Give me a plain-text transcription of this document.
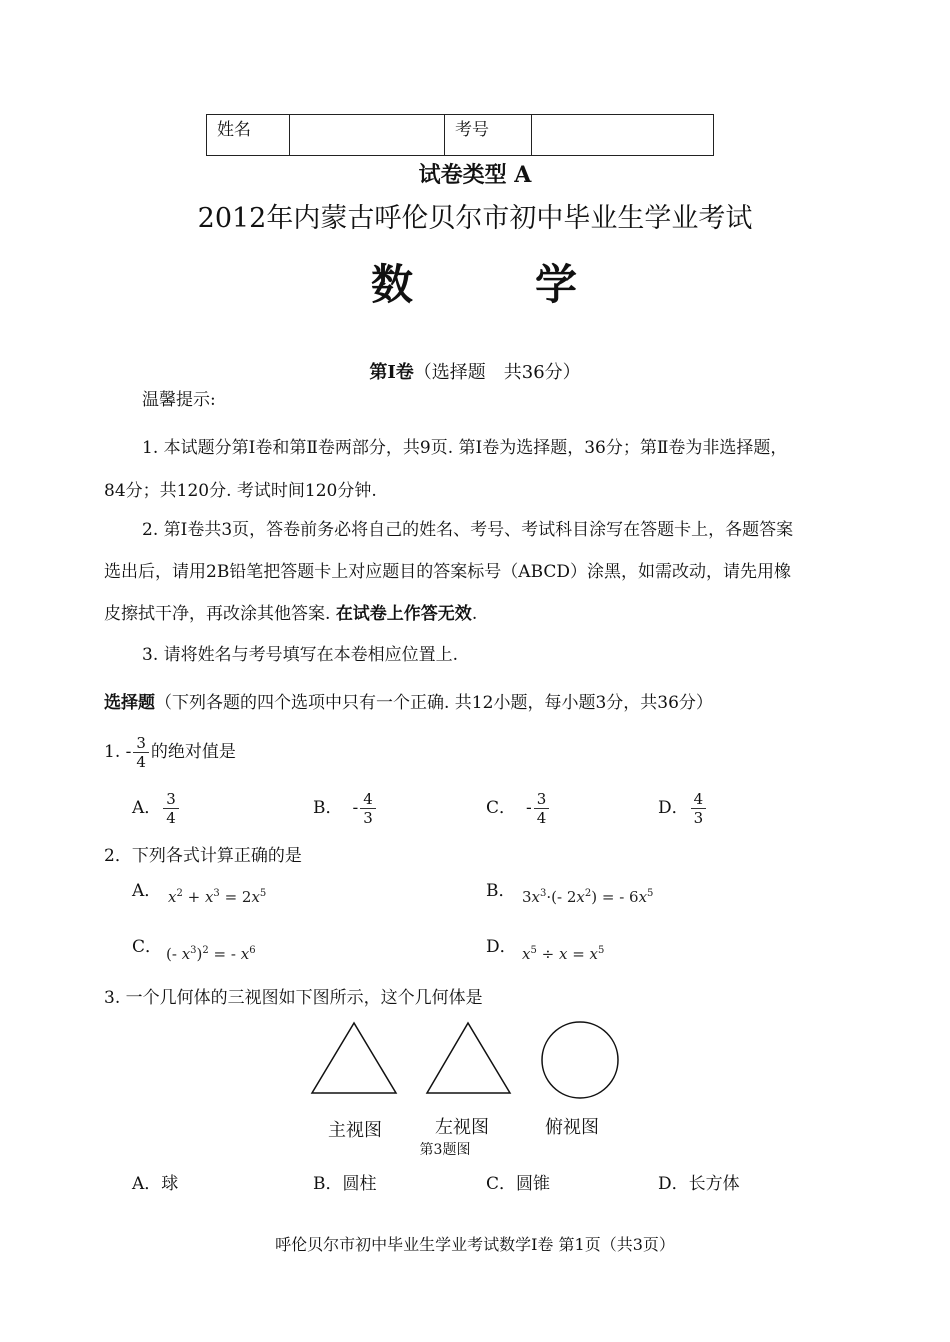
姓名		考号	
试卷类型 A
2012年内蒙古呼伦贝尔市初中毕业生学业考试
数	学
第Ⅰ卷（选择题　共36分）
温馨提示:
1. 本试题分第Ⅰ卷和第Ⅱ卷两部分，共9页. 第Ⅰ卷为选择题，36分；第Ⅱ卷为非选择题，
84分；共120分. 考试时间120分钟.
2. 第Ⅰ卷共3页，答卷前务必将自己的姓名、考号、考试科目涂写在答题卡上，各题答案
选出后，请用2B铅笔把答题卡上对应题目的答案标号（ABCD）涂黑，如需改动，请先用橡
皮擦拭干净，再改涂其他答案. 在试卷上作答无效.
3. 请将姓名与考号填写在本卷相应位置上.
选择题（下列各题的四个选项中只有一个正确. 共12小题，每小题3分，共36分）
1. - $\frac{3}{4}$ 的绝对值是
A． $\frac{3}{4}$	B． - $\frac{4}{3}$	C． - $\frac{3}{4}$	D． $\frac{4}{3}$
2．下列各式计算正确的是
A． $x^2 + x^3 = 2x^5$	B． $3x^3\cdot(-$ $2x^2$) = - $6x^5$
C． (- $x^3)^2$ = - $x^6$	D． $x^5 \div x = x^5$
3. 一个几何体的三视图如下图所示，这个几何体是
主视图	左视图	俯视图
第3题图
A．球	B．圆柱	C．圆锥	D．长方体
呼伦贝尔市初中毕业生学业考试数学Ⅰ卷 第1页（共3页）
